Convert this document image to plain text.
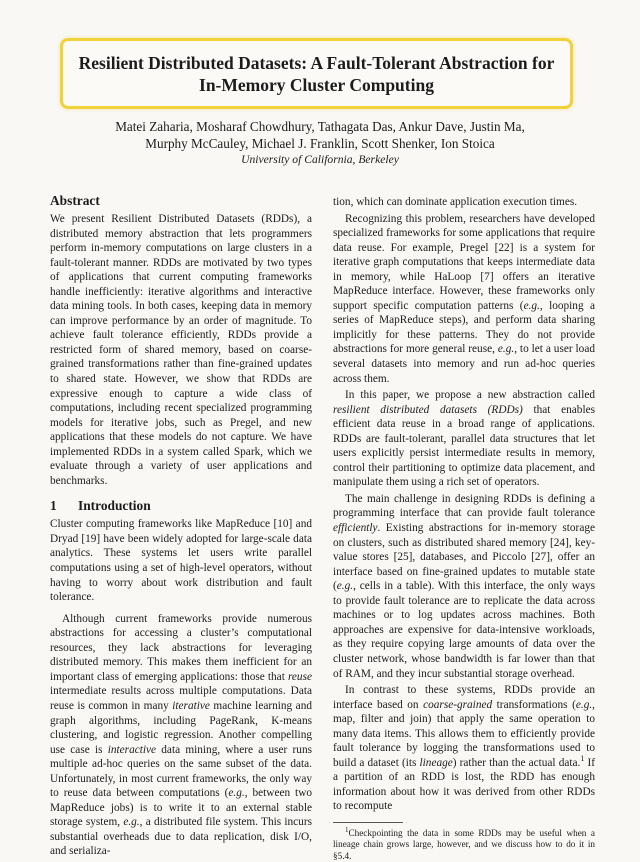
Resilient Distributed Datasets: A Fault-Tolerant Abstraction for
In-Memory Cluster Computing
Matei Zaharia, Mosharaf Chowdhury, Tathagata Das, Ankur Dave, Justin Ma,
Murphy McCauley, Michael J. Franklin, Scott Shenker, Ion Stoica
University of California, Berkeley
Abstract

We present Resilient Distributed Datasets (RDDs), a distributed memory abstraction that lets programmers perform in-memory computations on large clusters in a fault-tolerant manner. RDDs are motivated by two types of applications that current computing frameworks handle inefficiently: iterative algorithms and interactive data mining tools. In both cases, keeping data in memory can improve performance by an order of magnitude. To achieve fault tolerance efficiently, RDDs provide a restricted form of shared memory, based on coarse-grained transformations rather than fine-grained updates to shared state. However, we show that RDDs are expressive enough to capture a wide class of computations, including recent specialized programming models for iterative jobs, such as Pregel, and new applications that these models do not capture. We have implemented RDDs in a system called Spark, which we evaluate through a variety of user applications and benchmarks.

1 Introduction

Cluster computing frameworks like MapReduce [10] and Dryad [19] have been widely adopted for large-scale data analytics. These systems let users write parallel computations using a set of high-level operators, without having to worry about work distribution and fault tolerance.

Although current frameworks provide numerous abstractions for accessing a cluster’s computational resources, they lack abstractions for leveraging distributed memory. This makes them inefficient for an important class of emerging applications: those that reuse intermediate results across multiple computations. Data reuse is common in many iterative machine learning and graph algorithms, including PageRank, K-means clustering, and logistic regression. Another compelling use case is interactive data mining, where a user runs multiple ad-hoc queries on the same subset of the data. Unfortunately, in most current frameworks, the only way to reuse data between computations (e.g., between two MapReduce jobs) is to write it to an external stable storage system, e.g., a distributed file system. This incurs substantial overheads due to data replication, disk I/O, and serializa-

tion, which can dominate application execution times.

Recognizing this problem, researchers have developed specialized frameworks for some applications that require data reuse. For example, Pregel [22] is a system for iterative graph computations that keeps intermediate data in memory, while HaLoop [7] offers an iterative MapReduce interface. However, these frameworks only support specific computation patterns (e.g., looping a series of MapReduce steps), and perform data sharing implicitly for these patterns. They do not provide abstractions for more general reuse, e.g., to let a user load several datasets into memory and run ad-hoc queries across them.

In this paper, we propose a new abstraction called resilient distributed datasets (RDDs) that enables efficient data reuse in a broad range of applications. RDDs are fault-tolerant, parallel data structures that let users explicitly persist intermediate results in memory, control their partitioning to optimize data placement, and manipulate them using a rich set of operators.

The main challenge in designing RDDs is defining a programming interface that can provide fault tolerance efficiently. Existing abstractions for in-memory storage on clusters, such as distributed shared memory [24], key-value stores [25], databases, and Piccolo [27], offer an interface based on fine-grained updates to mutable state (e.g., cells in a table). With this interface, the only ways to provide fault tolerance are to replicate the data across machines or to log updates across machines. Both approaches are expensive for data-intensive workloads, as they require copying large amounts of data over the cluster network, whose bandwidth is far lower than that of RAM, and they incur substantial storage overhead.

In contrast to these systems, RDDs provide an interface based on coarse-grained transformations (e.g., map, filter and join) that apply the same operation to many data items. This allows them to efficiently provide fault tolerance by logging the transformations used to build a dataset (its lineage) rather than the actual data.$^1$ If a partition of an RDD is lost, the RDD has enough information about how it was derived from other RDDs to recompute

$^1$Checkpointing the data in some RDDs may be useful when a lineage chain grows large, however, and we discuss how to do it in §5.4.
